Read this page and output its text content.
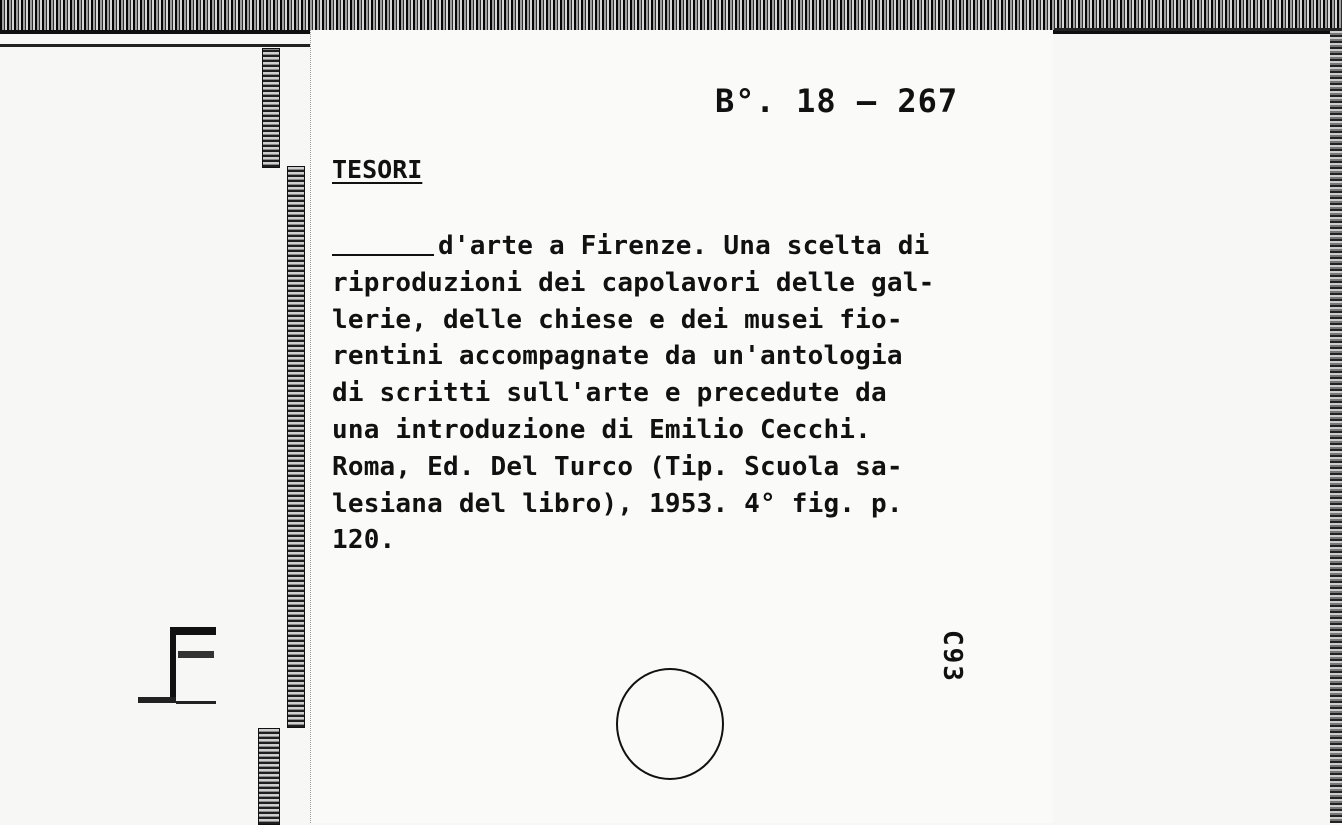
B°. 18 — 267
TESORI
d'arte a Firenze. Una scelta di
riproduzioni dei capolavori delle gal-
lerie, delle chiese e dei musei fio-
rentini accompagnate da un'antologia
di scritti sull'arte e precedute da
una introduzione di Emilio Cecchi.
Roma, Ed. Del Turco (Tip. Scuola sa-
lesiana del libro), 1953. 4° fig. p.
120.
C93
